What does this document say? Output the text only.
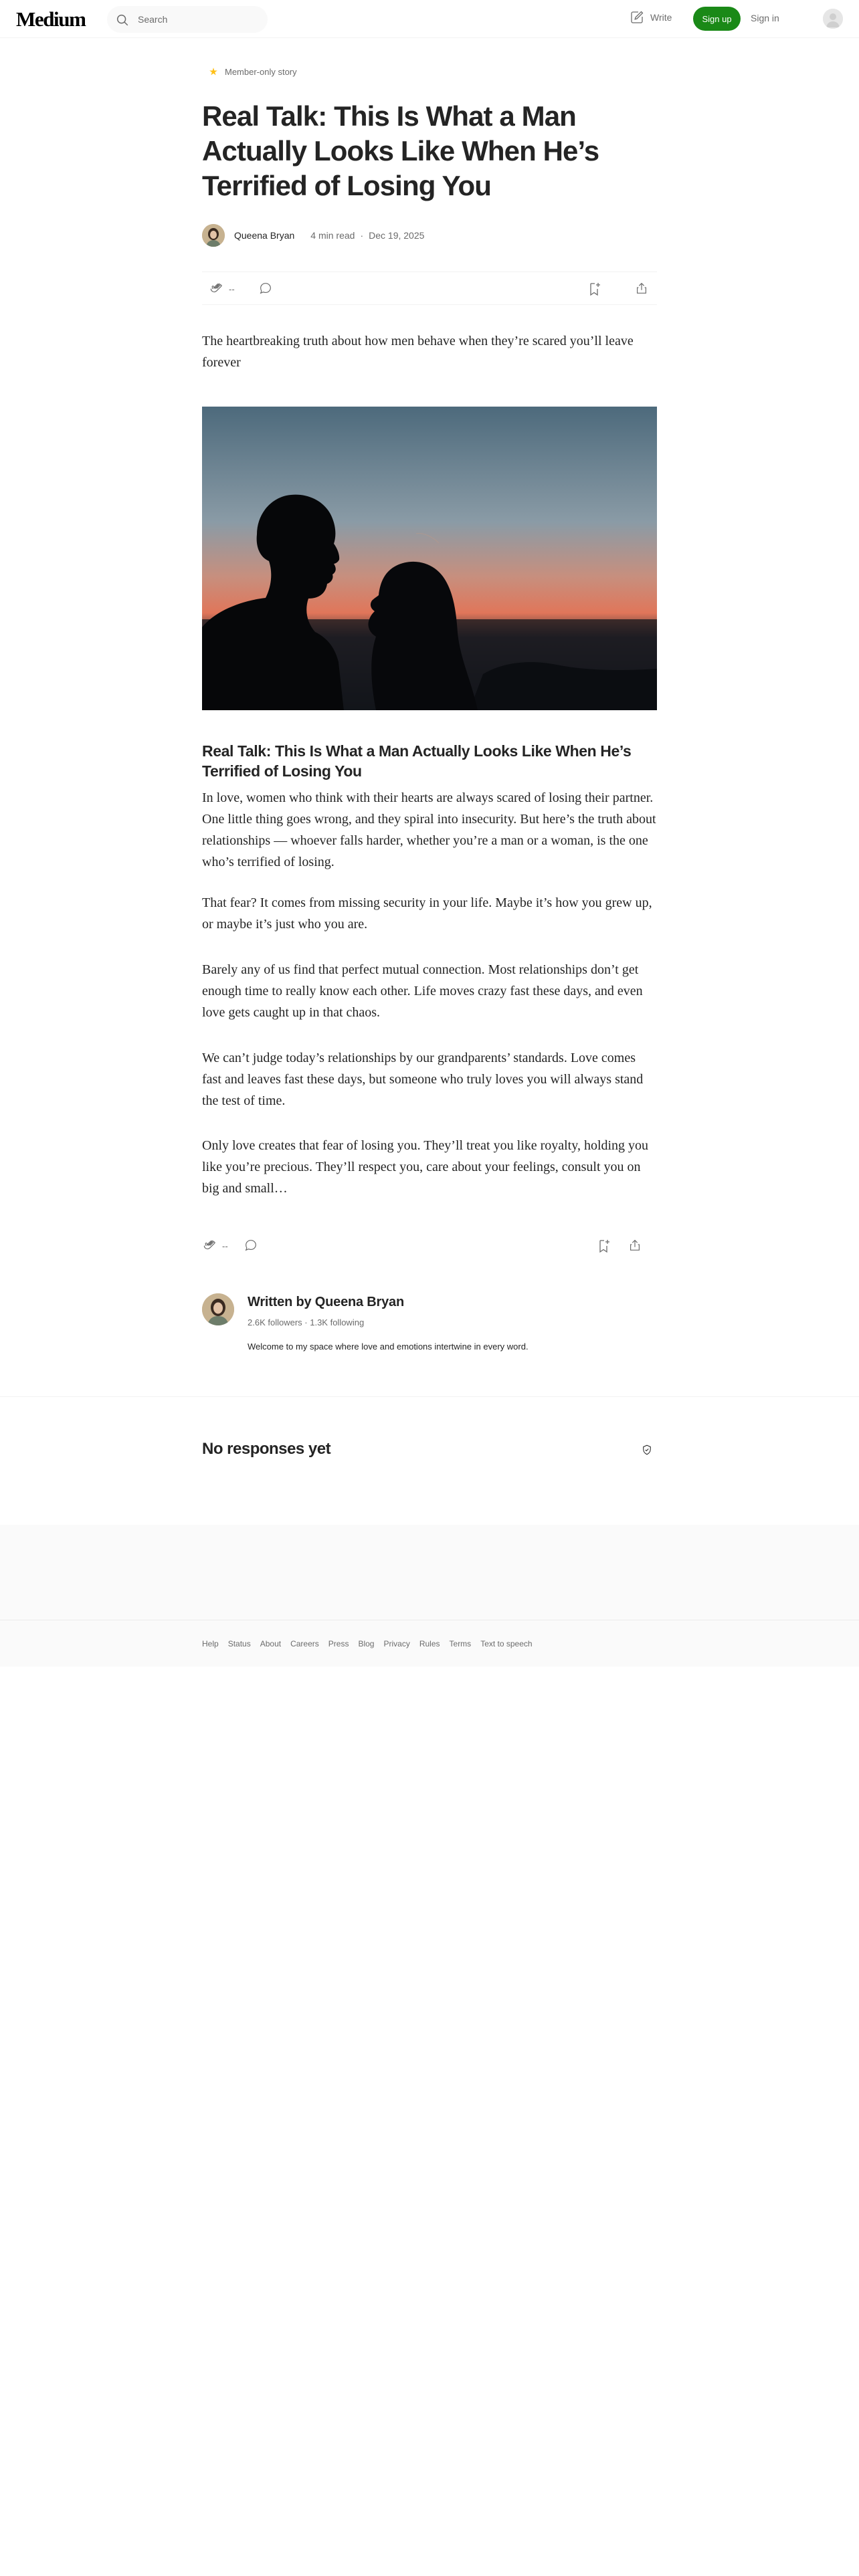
Medium
Search	Write	Sign up	Sign in
Member-only story
Real Talk: This Is What a Man Actually Looks Like When He’s Terrified of Losing You
Queena Bryan 4 min read · Dec 19, 2025
--

The heartbreaking truth about how men behave when they’re scared you’ll leave forever

Real Talk: This Is What a Man Actually Looks Like When He’s Terrified of Losing You

In love, women who think with their hearts are always scared of losing their partner. One little thing goes wrong, and they spiral into insecurity. But here’s the truth about relationships — whoever falls harder, whether you’re a man or a woman, is the one who’s terrified of losing.

That fear? It comes from missing security in your life. Maybe it’s how you grew up, or maybe it’s just who you are.

Barely any of us find that perfect mutual connection. Most relationships don’t get enough time to really know each other. Life moves crazy fast these days, and even love gets caught up in that chaos.

We can’t judge today’s relationships by our grandparents’ standards. Love comes fast and leaves fast these days, but someone who truly loves you will always stand the test of time.

Only love creates that fear of losing you. They’ll treat you like royalty, holding you like you’re precious. They’ll respect you, care about your feelings, consult you on big and small…

--
Written by Queena Bryan
2.6K followers · 1.3K following
Welcome to my space where love and emotions intertwine in every word.
No responses yet
Help Status About Careers Press Blog Privacy Rules Terms Text to speech
